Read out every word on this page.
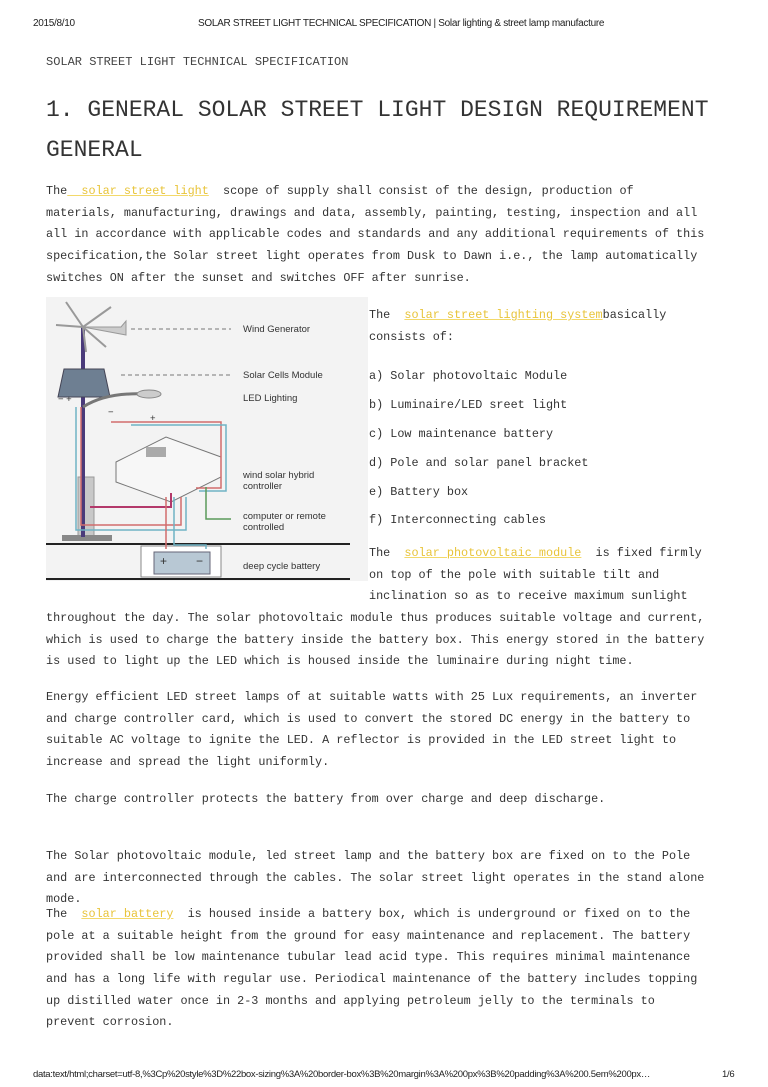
2015/8/10	SOLAR STREET LIGHT TECHNICAL SPECIFICATION | Solar lighting & street lamp manufacture
SOLAR STREET LIGHT TECHNICAL SPECIFICATION
1. GENERAL SOLAR STREET LIGHT DESIGN REQUIREMENT
GENERAL
The  solar street light  scope of supply shall consist of the design, production of
materials, manufacturing, drawings and data, assembly, painting, testing, inspection and all
all in accordance with applicable codes and standards and any additional requirements of this
specification,the Solar street light operates from Dusk to Dawn i.e., the lamp automatically
switches ON after the sunset and switches OFF after sunrise.
+ −
− +
−
+
Wind Generator
Solar Cells Module
LED Lighting
wind solar hybrid
controller
computer or remote
controlled
deep cycle battery
The  solar street lighting systembasically
consists of:
a) Solar photovoltaic Module
b) Luminaire/LED sreet light
c) Low maintenance battery
d) Pole and solar panel bracket
e) Battery box
f) Interconnecting cables
The  solar photovoltaic module  is fixed firmly
on top of the pole with suitable tilt and
inclination so as to receive maximum sunlight
throughout the day. The solar photovoltaic module thus produces suitable voltage and current,
which is used to charge the battery inside the battery box. This energy stored in the battery
is used to light up the LED which is housed inside the luminaire during night time.
Energy efficient LED street lamps of at suitable watts with 25 Lux requirements, an inverter
and charge controller card, which is used to convert the stored DC energy in the battery to
suitable AC voltage to ignite the LED. A reflector is provided in the LED street light to
increase and spread the light uniformly.
The charge controller protects the battery from over charge and deep discharge.
The Solar photovoltaic module, led street lamp and the battery box are fixed on to the Pole
and are interconnected through the cables. The solar street light operates in the stand alone
mode.
The  solar battery  is housed inside a battery box, which is underground or fixed on to the
pole at a suitable height from the ground for easy maintenance and replacement. The battery
provided shall be low maintenance tubular lead acid type. This requires minimal maintenance
and has a long life with regular use. Periodical maintenance of the battery includes topping
up distilled water once in 2-3 months and applying petroleum jelly to the terminals to
prevent corrosion.
data:text/html;charset=utf-8,%3Cp%20style%3D%22box-sizing%3A%20border-box%3B%20margin%3A%200px%3B%20padding%3A%200.5em%200px…	1/6
